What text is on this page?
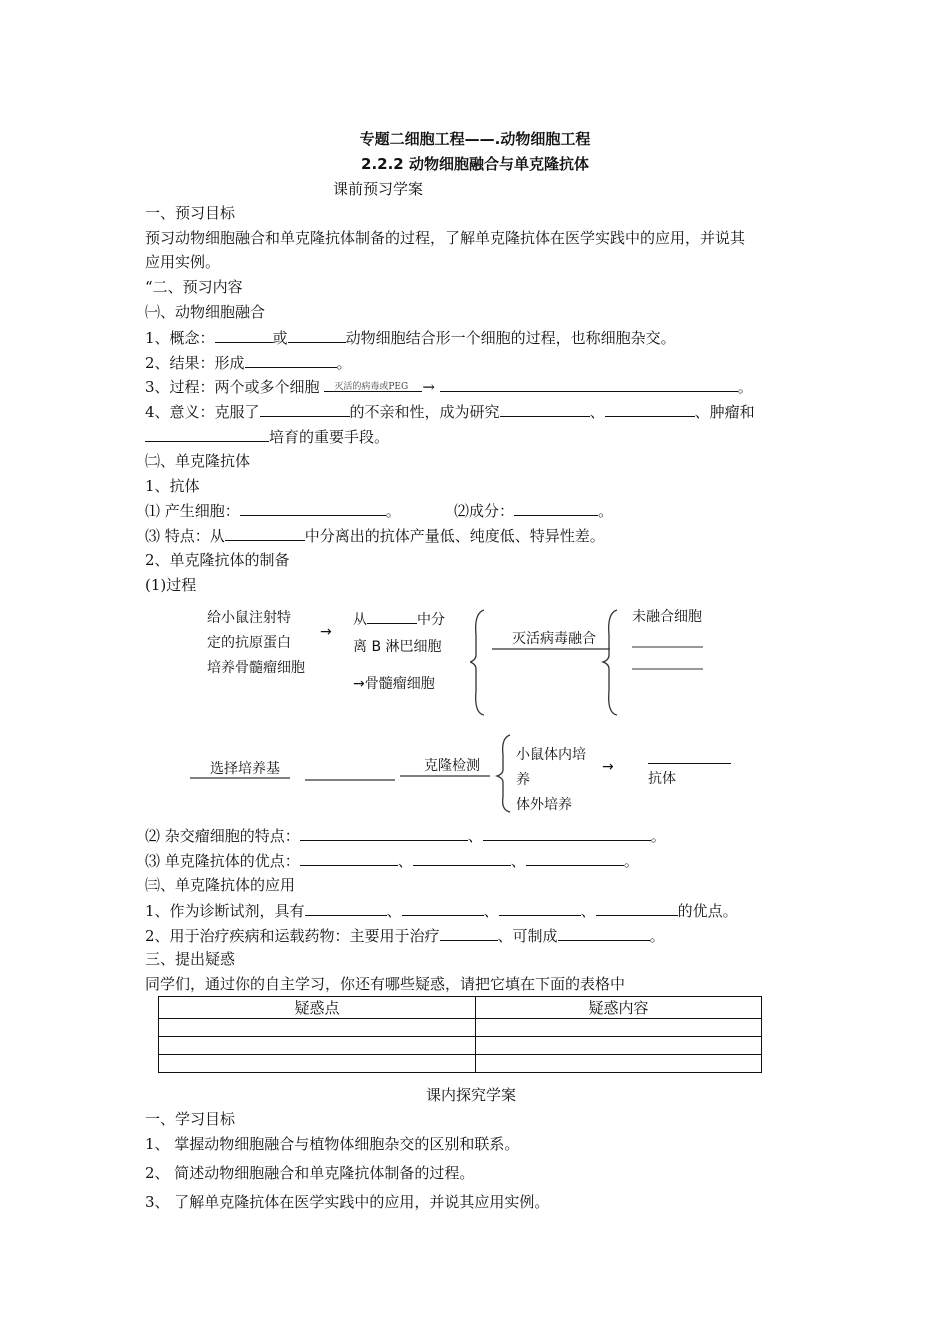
专题二细胞工程——.动物细胞工程
2.2.2 动物细胞融合与单克隆抗体
课前预习学案
一、预习目标
预习动物细胞融合和单克隆抗体制备的过程，了解单克隆抗体在医学实践中的应用，并说其
应用实例。
“二、预习内容
㈠、动物细胞融合
1、概念：	或	动物细胞结合形一个细胞的过程，也称细胞杂交。
2、结果：形成	。
3、过程：两个或多个细胞 灭活的病毒或PEG →	。
4、意义：克服了	的不亲和性，成为研究	、	、肿瘤和
培育的重要手段。
㈡、单克隆抗体
1、抗体
⑴ 产生细胞：	。	⑵成分：	。
⑶ 特点：从	中分离出的抗体产量低、纯度低、特异性差。
2、单克隆抗体的制备
(1)过程
给小鼠注射特
定的抗原蛋白
培养骨髓瘤细胞
→
从	中分
离 B 淋巴细胞
→骨髓瘤细胞
灭活病毒融合
未融合细胞
选择培养基	克隆检测
小鼠体内培
养
体外培养
→
抗体
⑵ 杂交瘤细胞的特点：	、	。
⑶ 单克隆抗体的优点：	、	、	。
㈢、单克隆抗体的应用
1、作为诊断试剂，具有	、	、	、	的优点。
2、用于治疗疾病和运载药物：主要用于治疗	、可制成	。
三、提出疑惑
同学们，通过你的自主学习，你还有哪些疑惑，请把它填在下面的表格中
疑惑点	疑惑内容

课内探究学案
一、学习目标
1、 掌握动物细胞融合与植物体细胞杂交的区别和联系。
2、 简述动物细胞融合和单克隆抗体制备的过程。
3、 了解单克隆抗体在医学实践中的应用，并说其应用实例。
